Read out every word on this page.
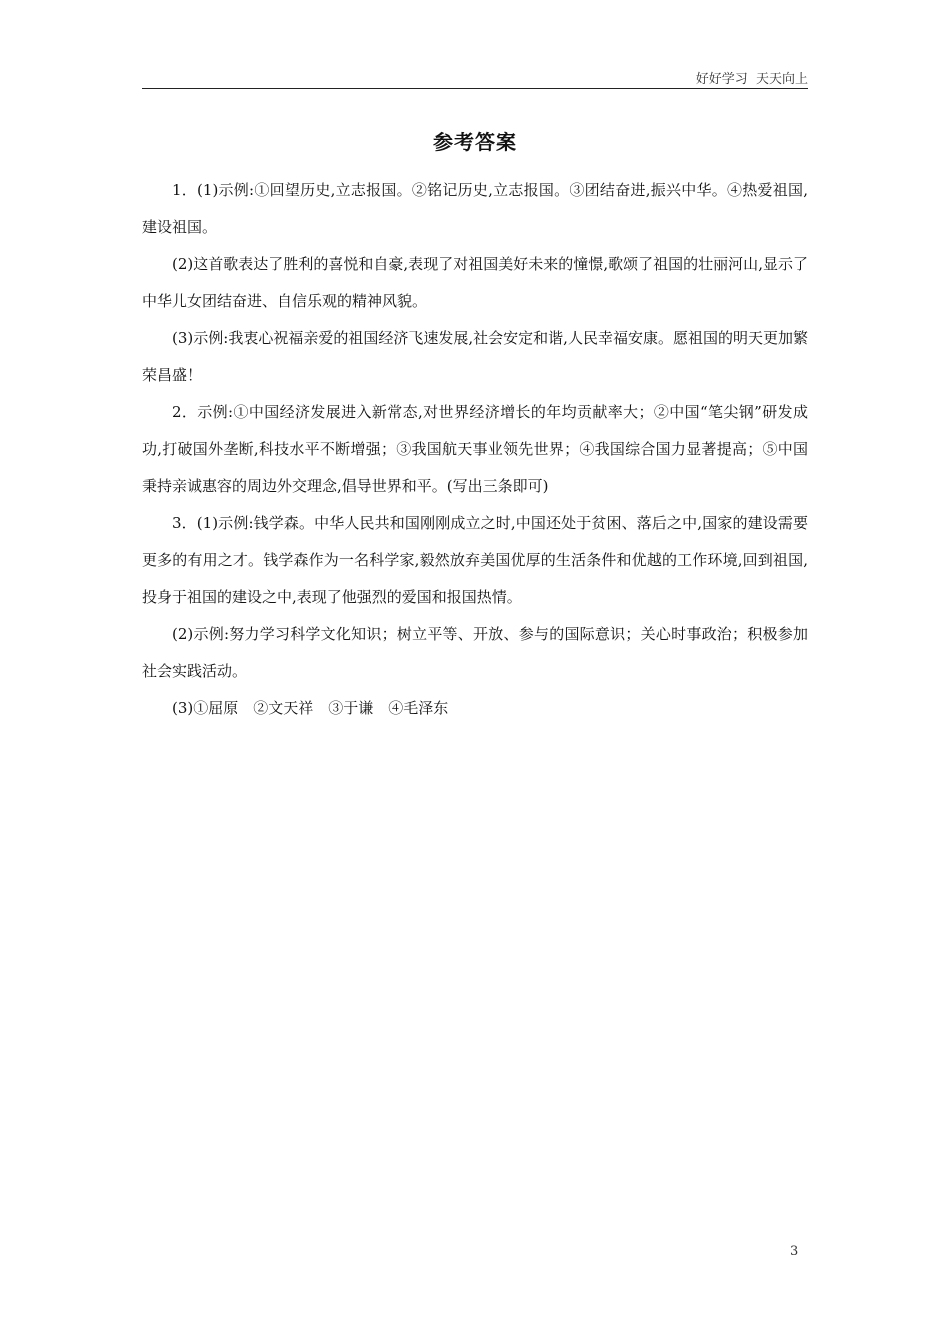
好好学习  天天向上
参考答案

1．(1)示例:①回望历史,立志报国。②铭记历史,立志报国。③团结奋进,振兴中华。④热爱祖国,建设祖国。

(2)这首歌表达了胜利的喜悦和自豪,表现了对祖国美好未来的憧憬,歌颂了祖国的壮丽河山,显示了中华儿女团结奋进、自信乐观的精神风貌。

(3)示例:我衷心祝福亲爱的祖国经济飞速发展,社会安定和谐,人民幸福安康。愿祖国的明天更加繁荣昌盛！

2．示例:①中国经济发展进入新常态,对世界经济增长的年均贡献率大；②中国“笔尖钢”研发成功,打破国外垄断,科技水平不断增强；③我国航天事业领先世界；④我国综合国力显著提高；⑤中国秉持亲诚惠容的周边外交理念,倡导世界和平。(写出三条即可)

3．(1)示例:钱学森。中华人民共和国刚刚成立之时,中国还处于贫困、落后之中,国家的建设需要更多的有用之才。钱学森作为一名科学家,毅然放弃美国优厚的生活条件和优越的工作环境,回到祖国,投身于祖国的建设之中,表现了他强烈的爱国和报国热情。

(2)示例:努力学习科学文化知识；树立平等、开放、参与的国际意识；关心时事政治；积极参加社会实践活动。

(3)①屈原　②文天祥　③于谦　④毛泽东

3
